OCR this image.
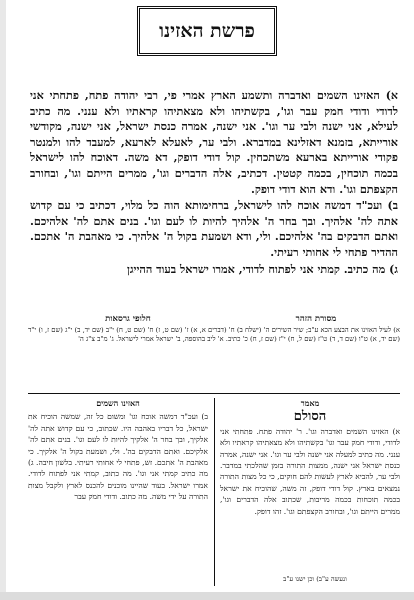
פרשת האזינו

א) האזינו השמים ואדברה ותשמע הארץ אמרי פי, רבי יהודה פתח, פתחתי אני לדודי ודודי חמק עבר וגו', בקשתיהו ולא מצאתיהו קראתיו ולא ענני. מה כתיב לעילא, אני ישנה ולבי ער וגו'. אני ישנה, אמרה כנסת ישראל, אני ישנה, מקודשי אורייתא, בזמנא דאזלינא במדברא. ולבי ער, לאעלא לארעא, למעבד להו ולמנטר פקודי אורייתא בארעא משתכחין. קול דודי דופק, דא משה. דאוכח להו לישראל בכמה תוכחין, בכמה קטטין. דכתיב, אלה הדברים וגו', ממרים הייתם וגו', ובחורב הקצפתם וגו'. ודא הוא דודי דופק.

ב) ועכ"ד דמשה אוכח להו לישראל, ברחימותא הוה כל מלוי, דכתיב כי עם קדוש אתה לה' אלהיך. ובך בחר ה' אלהיך להיות לו לעם וגו'. בנים אתם לה' אלהיכם. ואתם הדבקים בה' אלהיכם. ולי, ודא ושמעת בקול ה' אלהיך. כי מאהבת ה' אתכם. ההדיר פתחי לי אחותי רעיתי.

ג) מה כתיב. קמתי אני לפתוח לדודי, אמרו ישראל בעוד ההייגן

חלופי גרסאות	מסורת הזהר

א) לעיל האזינו את הבצע הכא ע"ב; שיר השירים ה' (ישלח ב) ח' (דברים א, א) ז' (שם ט, ז) ח' (שם ט, ח) י"ב (שם יד, ב) י"ג (שם ז, ו) י"ד (שם יד, א) ט"ו (שם ד, ד) ט"ז (שם ל, ח) י"ז (שם ז, ח) כ' כתיב. א' ליב בהוספה, ב' ישראל אמרי לישראל. ג' מ"ב צ"ג ה'

מאמר

הסולם

א) האזינו השמים ואדברה וגו'. ר' יהודה פתח. פתחתי אני לדודי, ודודי חמק עבר וגו' בקשתיהו ולא מצאתיהו קראתיו ולא ענני. מה כתיב למעלה אני ישנה ולבי ער וגו'. אני ישנה, אמרה כנסת ישראל אני ישנה, ממצות התורה בזמן שהלכתי במדבר. ולבי ער, להביא לארץ לעשות להם חוקים, כי כל מצות התורה נמצאים בארץ. קול דודי דופק, זה משה, שהוכיח את ישראל בכמה תוכחות בכמה מריבות, שכתוב אלה הדברים וגו', ממרים הייתם וגו', ובחורב הקצפתם וגו'. זהו דופק.

האזינו השמים

ב) ועכ"ד דמשה אוכח וגו' ומשום כל זה, שמשה הוכיח את ישראל, כל דבריו באהבה היו. שכתוב, כי עם קדוש אתה לה' אלקיך, ובך בחר ה' אלקיך להיות לו לעם וגו'. בנים אתם לה' אלקיכם. ואתם הדבקים בה'. ולי, ושמעת בקול ה' אלקיך. כי מאהבת ה' אתכם. זש, פתחי לי אחותי רעיתי. בלשון חיבה. ג) מה כתיב קמתי אני וגו'. מה כתוב, קמתי אני לפתוח לדודי. אמרו ישראל. בעוד שהיינו מוכנים להכנס לארץ ולקבל מצות התורה על ידי משה. מה כתוב. ודודי חמק עבר

ונעשה ע"ב) וכן ישנו ע"ב
